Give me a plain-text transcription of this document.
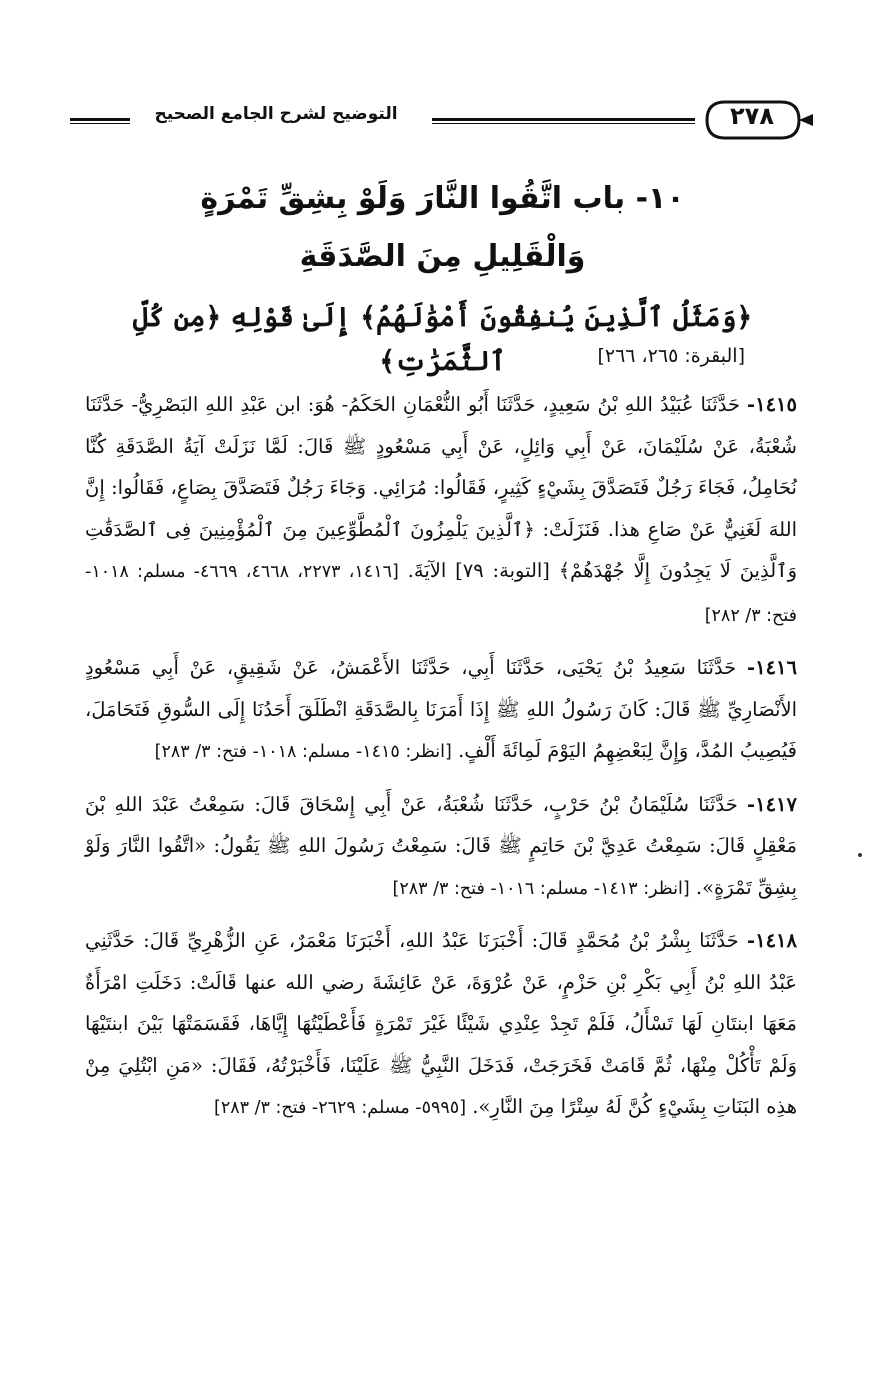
التوضيح لشرح الجامع الصحيح	٢٧٨
١٠- باب اتَّقُوا النَّارَ وَلَوْ بِشِقِّ تَمْرَةٍ
وَالْقَلِيلِ مِنَ الصَّدَقَةِ
﴿وَمَثَلُ ٱلَّذِينَ يُنفِقُونَ أَمْوَٰلَهُمُ﴾ إِلَىٰ قَوْلِهِ ﴿مِن كُلِّ ٱلثَّمَرَٰتِ﴾	[البقرة: ٢٦٥، ٢٦٦]

١٤١٥- حَدَّثَنَا عُبَيْدُ اللهِ بْنُ سَعِيدٍ، حَدَّثَنَا أَبُو النُّعْمَانِ الحَكَمُ- هُوَ: ابن عَبْدِ اللهِ البَصْرِيُّ- حَدَّثَنَا شُعْبَةُ، عَنْ سُلَيْمَانَ، عَنْ أَبِي وَائِلٍ، عَنْ أَبِي مَسْعُودٍ ﷺ قَالَ: لَمَّا نَزَلَتْ آيَةُ الصَّدَقَةِ كُنَّا نُحَامِلُ، فَجَاءَ رَجُلٌ فَتَصَدَّقَ بِشَيْءٍ كَثِيرٍ، فَقَالُوا: مُرَائِي. وَجَاءَ رَجُلٌ فَتَصَدَّقَ بِصَاعٍ، فَقَالُوا: إِنَّ اللهَ لَغَنِيٌّ عَنْ صَاعِ هذا. فَنَزَلَتْ: ﴿ٱلَّذِينَ يَلْمِزُونَ ٱلْمُطَّوِّعِينَ مِنَ ٱلْمُؤْمِنِينَ فِى ٱلصَّدَقَٰتِ وَٱلَّذِينَ لَا يَجِدُونَ إِلَّا جُهْدَهُمْ﴾ [التوبة: ٧٩] الآيَةَ. [١٤١٦، ٢٢٧٣، ٤٦٦٨، ٤٦٦٩- مسلم: ١٠١٨- فتح: ٣/ ٢٨٢]

١٤١٦- حَدَّثَنَا سَعِيدُ بْنُ يَحْيَى، حَدَّثَنَا أَبِي، حَدَّثَنَا الأَعْمَشُ، عَنْ شَقِيقٍ، عَنْ أَبِي مَسْعُودٍ الأَنْصَارِيِّ ﷺ قَالَ: كَانَ رَسُولُ اللهِ ﷺ إِذَا أَمَرَنَا بِالصَّدَقَةِ انْطَلَقَ أَحَدُنَا إِلَى السُّوقِ فَتَحَامَلَ، فَيُصِيبُ المُدَّ، وَإِنَّ لِبَعْضِهِمُ اليَوْمَ لَمِائَةَ أَلْفٍ. [انظر: ١٤١٥- مسلم: ١٠١٨- فتح: ٣/ ٢٨٣]

١٤١٧- حَدَّثَنَا سُلَيْمَانُ بْنُ حَرْبٍ، حَدَّثَنَا شُعْبَةُ، عَنْ أَبِي إِسْحَاقَ قَالَ: سَمِعْتُ عَبْدَ اللهِ بْنَ مَعْقِلٍ قَالَ: سَمِعْتُ عَدِيَّ بْنَ حَاتِمٍ ﷺ قَالَ: سَمِعْتُ رَسُولَ اللهِ ﷺ يَقُولُ: «اتَّقُوا النَّارَ وَلَوْ بِشِقِّ تَمْرَةٍ». [انظر: ١٤١٣- مسلم: ١٠١٦- فتح: ٣/ ٢٨٣]

١٤١٨- حَدَّثَنَا بِشْرُ بْنُ مُحَمَّدٍ قَالَ: أَخْبَرَنَا عَبْدُ اللهِ، أَخْبَرَنَا مَعْمَرٌ، عَنِ الزُّهْرِيِّ قَالَ: حَدَّثَنِي عَبْدُ اللهِ بْنُ أَبِي بَكْرِ بْنِ حَزْمٍ، عَنْ عُرْوَةَ، عَنْ عَائِشَةَ رضي الله عنها قَالَتْ: دَخَلَتِ امْرَأَةٌ مَعَهَا ابنتَانِ لَهَا تَسْأَلُ، فَلَمْ تَجِدْ عِنْدِي شَيْئًا غَيْرَ تَمْرَةٍ فَأَعْطَيْتُهَا إِيَّاهَا، فَقَسَمَتْهَا بَيْنَ ابنتَيْهَا وَلَمْ تَأْكُلْ مِنْهَا، ثُمَّ قَامَتْ فَخَرَجَتْ، فَدَخَلَ النَّبِيُّ ﷺ عَلَيْنَا، فَأَخْبَرْتُهُ، فَقَالَ: «مَنِ ابْتُلِيَ مِنْ هذِه البَنَاتِ بِشَيْءٍ كُنَّ لَهُ سِتْرًا مِنَ النَّارِ». [٥٩٩٥- مسلم: ٢٦٢٩- فتح: ٣/ ٢٨٣]
